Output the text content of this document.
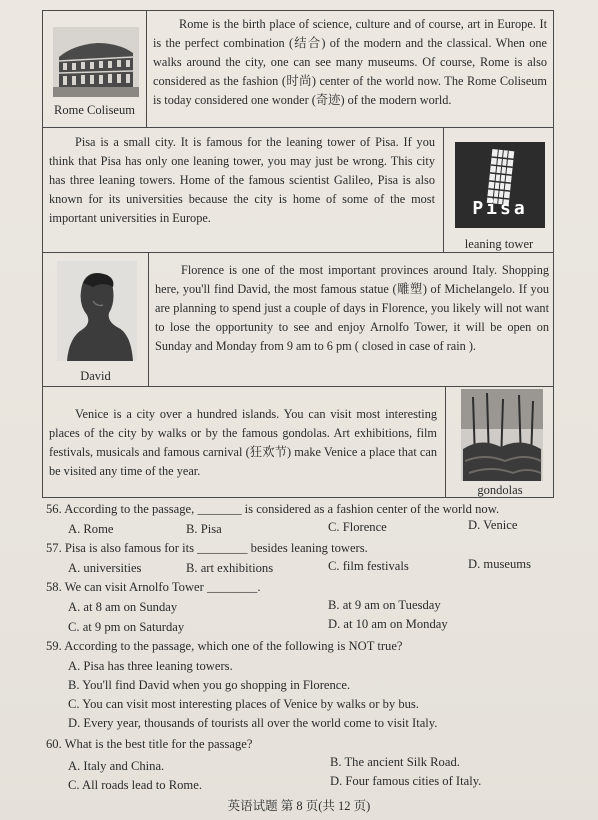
Rome Coliseum

Rome is the birth place of science, culture and of course, art in Europe. It is the perfect combination (结合) of the modern and the classical. When one walks around the city, one can see many museums. Of course, Rome is also considered as the fashion (时尚) center of the world now. The Rome Coliseum is today considered one wonder (奇迹) of the modern world.

Pisa is a small city. It is famous for the leaning tower of Pisa. If you think that Pisa has only one leaning tower, you may just be wrong. This city has three leaning towers. Home of the famous scientist Galileo, Pisa is also known for its universities because the city is home of some of the most important universities in Europe.	Pisa
leaning tower
David

Florence is one of the most important provinces around Italy. Shopping here, you'll find David, the most famous statue (雕塑) of Michelangelo. If you are planning to spend just a couple of days in Florence, you likely will not want to lose the opportunity to see and enjoy Arnolfo Tower, it will be open on Sunday and Monday from 9 am to 6 pm ( closed in case of rain ).

Venice is a city over a hundred islands. You can visit most interesting places of the city by walks or by the famous gondolas. Art exhibitions, film festivals, musicals and famous carnival (狂欢节) make Venice a place that can be visited any time of the year.

gondolas
56. According to the passage, _______ is considered as a fashion center of the world now.
A. Rome	B. Pisa	C. Florence	D. Venice
57. Pisa is also famous for its ________ besides leaning towers.
A. universities	B. art exhibitions	C. film festivals	D. museums
58. We can visit Arnolfo Tower ________.
A. at 8 am on Sunday	B. at 9 am on Tuesday
C. at 9 pm on Saturday	D. at 10 am on Monday
59. According to the passage, which one of the following is NOT true?
A. Pisa has three leaning towers.
B. You'll find David when you go shopping in Florence.
C. You can visit most interesting places of Venice by walks or by bus.
D. Every year, thousands of tourists all over the world come to visit Italy.
60. What is the best title for the passage?
A. Italy and China.	B. The ancient Silk Road.
C. All roads lead to Rome.	D. Four famous cities of Italy.
英语试题 第 8 页(共 12 页)
